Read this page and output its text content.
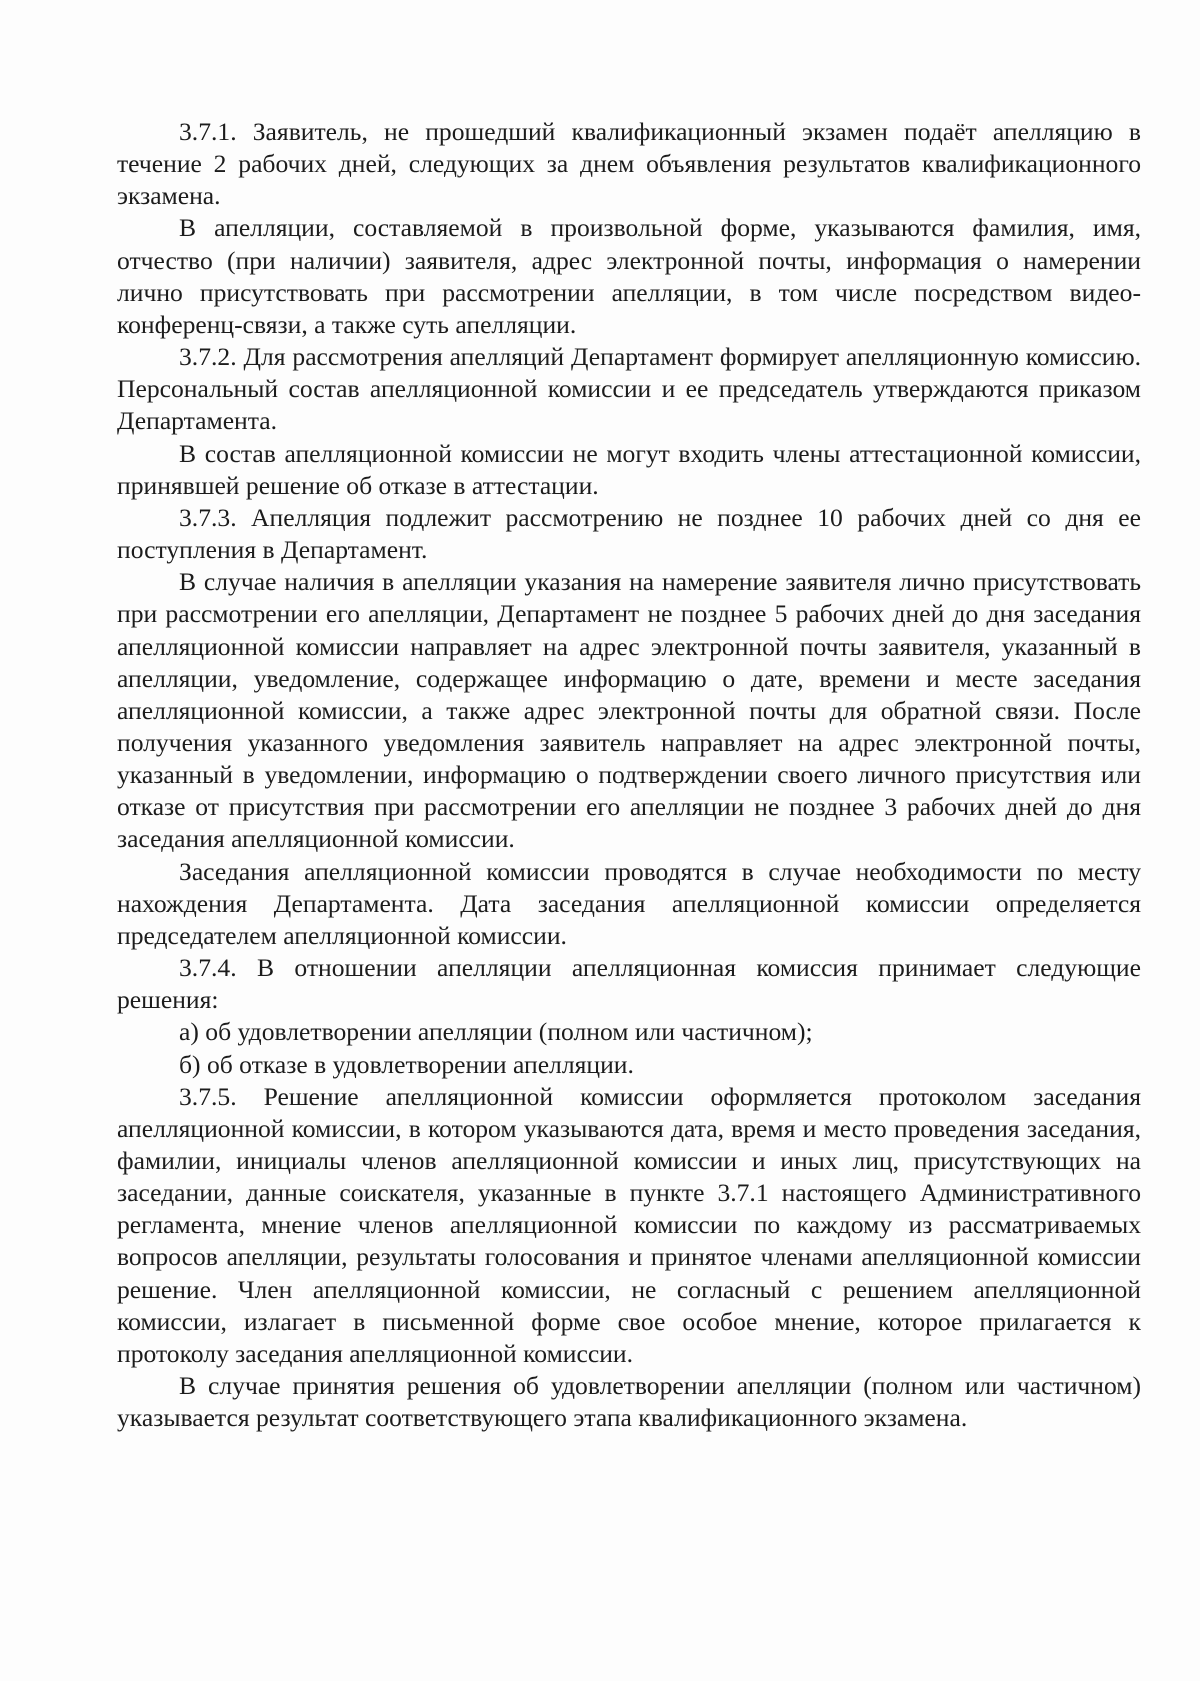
3.7.1. Заявитель, не прошедший квалификационный экзамен подаёт апелляцию в течение 2 рабочих дней, следующих за днем объявления результатов квалификационного экзамена.

В апелляции, составляемой в произвольной форме, указываются фамилия, имя, отчество (при наличии) заявителя, адрес электронной почты, информация о намерении лично присутствовать при рассмотрении апелляции, в том числе посредством видео-конференц-связи, а также суть апелляции.

3.7.2. Для рассмотрения апелляций Департамент формирует апелляционную комиссию. Персональный состав апелляционной комиссии и ее председатель утверждаются приказом Департамента.

В состав апелляционной комиссии не могут входить члены аттестационной комиссии, принявшей решение об отказе в аттестации.

3.7.3. Апелляция подлежит рассмотрению не позднее 10 рабочих дней со дня ее поступления в Департамент.

В случае наличия в апелляции указания на намерение заявителя лично присутствовать при рассмотрении его апелляции, Департамент не позднее 5 рабочих дней до дня заседания апелляционной комиссии направляет на адрес электронной почты заявителя, указанный в апелляции, уведомление, содержащее информацию о дате, времени и месте заседания апелляционной комиссии, а также адрес электронной почты для обратной связи. После получения указанного уведомления заявитель направляет на адрес электронной почты, указанный в уведомлении, информацию о подтверждении своего личного присутствия или отказе от присутствия при рассмотрении его апелляции не позднее 3 рабочих дней до дня заседания апелляционной комиссии.

Заседания апелляционной комиссии проводятся в случае необходимости по месту нахождения Департамента. Дата заседания апелляционной комиссии определяется председателем апелляционной комиссии.

3.7.4. В отношении апелляции апелляционная комиссия принимает следующие решения:

а) об удовлетворении апелляции (полном или частичном);

б) об отказе в удовлетворении апелляции.

3.7.5. Решение апелляционной комиссии оформляется протоколом заседания апелляционной комиссии, в котором указываются дата, время и место проведения заседания, фамилии, инициалы членов апелляционной комиссии и иных лиц, присутствующих на заседании, данные соискателя, указанные в пункте 3.7.1 настоящего Административного регламента, мнение членов апелляционной комиссии по каждому из рассматриваемых вопросов апелляции, результаты голосования и принятое членами апелляционной комиссии решение. Член апелляционной комиссии, не согласный с решением апелляционной комиссии, излагает в письменной форме свое особое мнение, которое прилагается к протоколу заседания апелляционной комиссии.

В случае принятия решения об удовлетворении апелляции (полном или частичном) указывается результат соответствующего этапа квалификационного экзамена.
